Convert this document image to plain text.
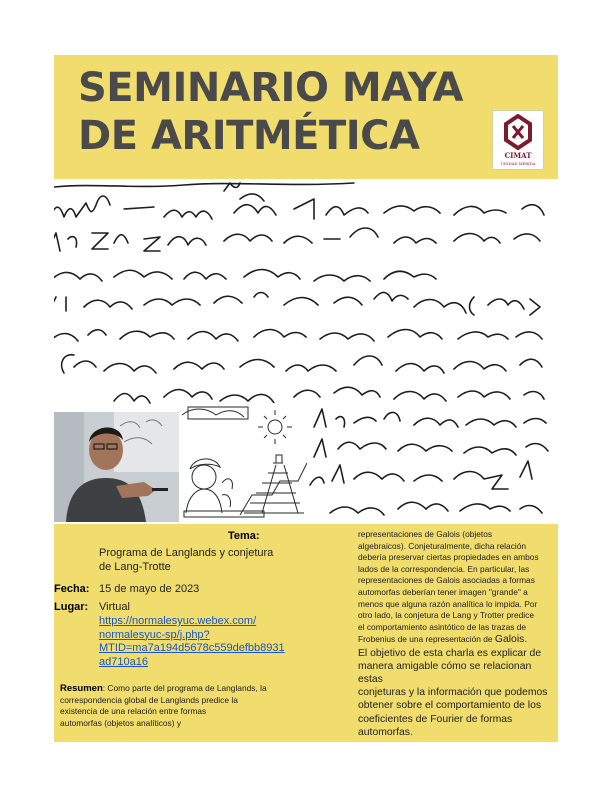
SEMINARIO MAYA
DE ARITMÉTICA	CIMAT
UNIDAD MÉRIDA
Tema:
Programa de Langlands y conjetura de Lang-Trotte
Fecha: 15 de mayo de 2023
Lugar: Virtual
https://normalesyuc.webex.com/
normalesyuc-sp/j.php?
MTID=ma7a194d5678c559defbb8931
ad710a16
Resumen: Como parte del programa de Langlands, la
correspondencia global de Langlands predice la
existencia de una relación entre formas
automorfas (objetos analíticos) y
representaciones de Galois (objetos
algebraicos). Conjeturalmente, dicha relación
debería preservar ciertas propiedades en ambos
lados de la correspondencia. En particular, las
representaciones de Galois asociadas a formas
automorfas deberían tener imagen "grande" a
menos que alguna razón analítica lo impida. Por
otro lado, la conjetura de Lang y Trotter predice
el comportamiento asintótico de las trazas de
Frobenius de una representación de Galois.
El objetivo de esta charla es explicar de
manera amigable cómo se relacionan estas
conjeturas y la información que podemos
obtener sobre el comportamiento de los
coeficientes de Fourier de formas
automorfas.
